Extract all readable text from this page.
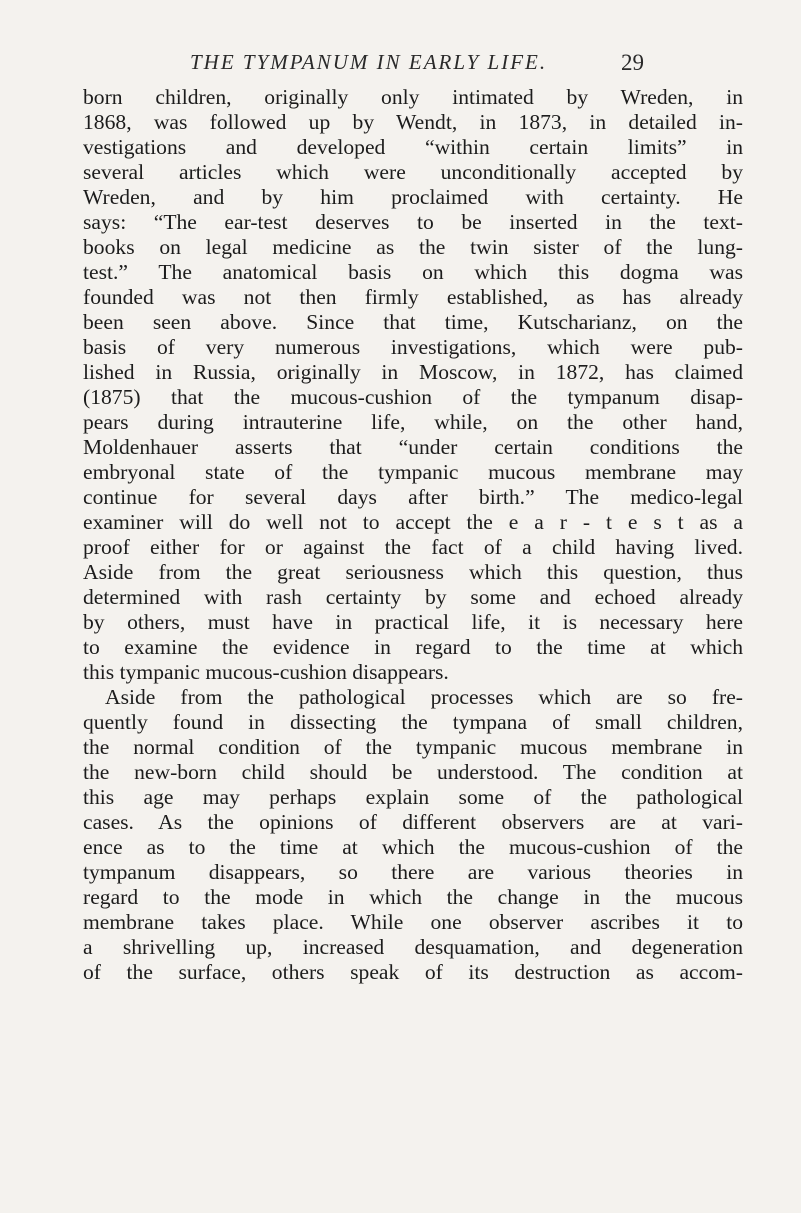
THE TYMPANUM IN EARLY LIFE.	29
born children, originally only intimated by Wreden, in
1868, was followed up by Wendt, in 1873, in detailed in-
vestigations and developed “within certain limits” in
several articles which were unconditionally accepted by
Wreden, and by him proclaimed with certainty. He
says: “The ear-test deserves to be inserted in the text-
books on legal medicine as the twin sister of the lung-
test.” The anatomical basis on which this dogma was
founded was not then firmly established, as has already
been seen above. Since that time, Kutscharianz, on the
basis of very numerous investigations, which were pub-
lished in Russia, originally in Moscow, in 1872, has claimed
(1875) that the mucous-cushion of the tympanum disap-
pears during intrauterine life, while, on the other hand,
Moldenhauer asserts that “under certain conditions the
embryonal state of the tympanic mucous membrane may
continue for several days after birth.” The medico-legal
examiner will do well not to accept the e a r - t e s t as a
proof either for or against the fact of a child having lived.
Aside from the great seriousness which this question, thus
determined with rash certainty by some and echoed already
by others, must have in practical life, it is necessary here
to examine the evidence in regard to the time at which
this tympanic mucous-cushion disappears.
Aside from the pathological processes which are so fre-
quently found in dissecting the tympana of small children,
the normal condition of the tympanic mucous membrane in
the new-born child should be understood. The condition at
this age may perhaps explain some of the pathological
cases. As the opinions of different observers are at vari-
ence as to the time at which the mucous-cushion of the
tympanum disappears, so there are various theories in
regard to the mode in which the change in the mucous
membrane takes place. While one observer ascribes it to
a shrivelling up, increased desquamation, and degeneration
of the surface, others speak of its destruction as accom-
